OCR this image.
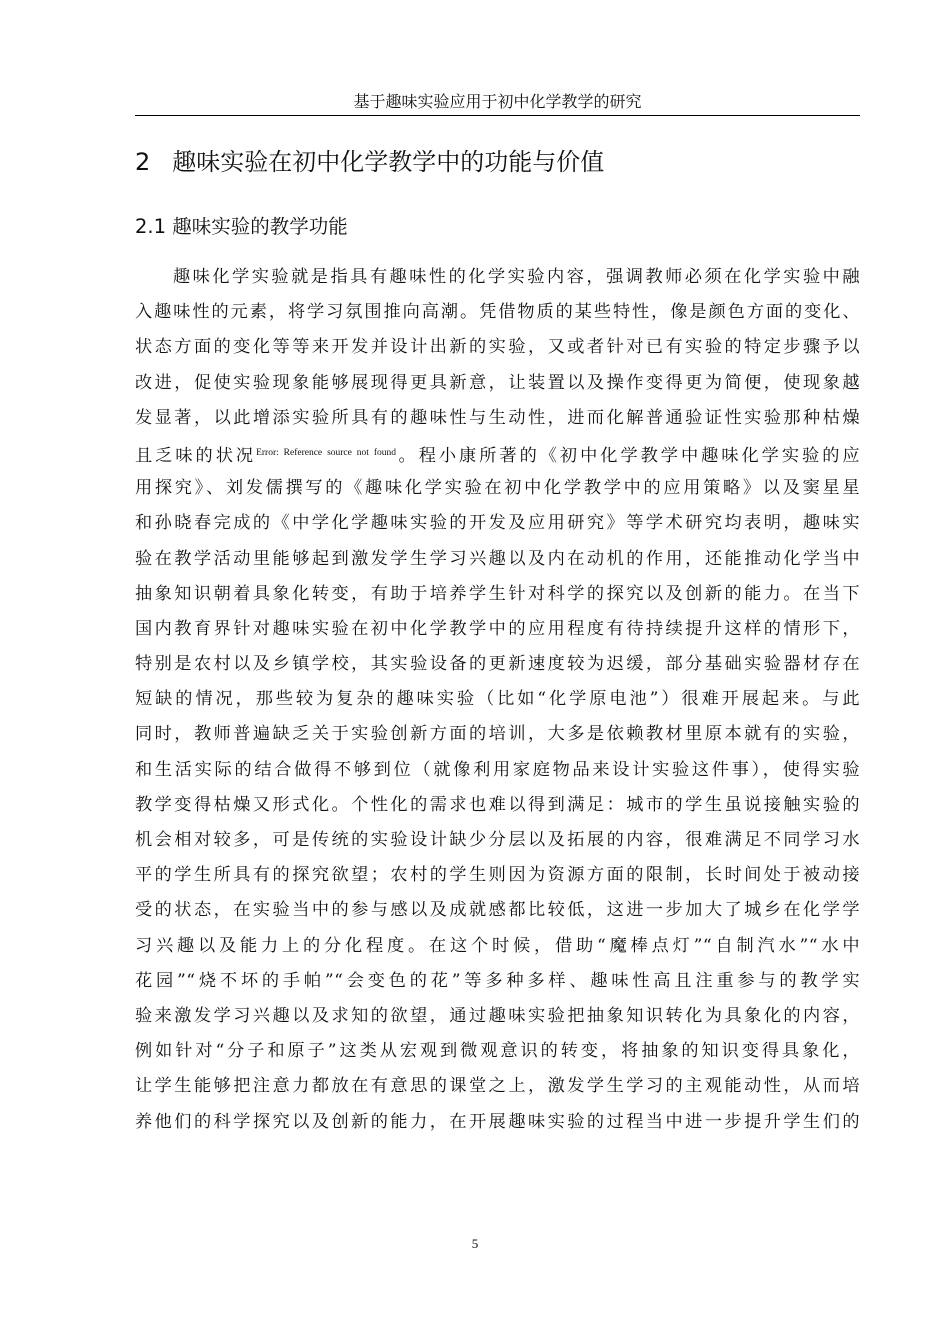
基于趣味实验应用于初中化学教学的研究
2 趣味实验在初中化学教学中的功能与价值
2.1 趣味实验的教学功能
趣味化学实验就是指具有趣味性的化学实验内容，强调教师必须在化学实验中融
入趣味性的元素，将学习氛围推向高潮。凭借物质的某些特性，像是颜色方面的变化、
状态方面的变化等等来开发并设计出新的实验，又或者针对已有实验的特定步骤予以
改进，促使实验现象能够展现得更具新意，让装置以及操作变得更为简便，使现象越
发显著，以此增添实验所具有的趣味性与生动性，进而化解普通验证性实验那种枯燥
且乏味的状况$^{Error: Reference source not found}$。程小康所著的《初中化学教学中趣味化学实验的应
用探究》、刘发儒撰写的《趣味化学实验在初中化学教学中的应用策略》以及窦星星
和孙晓春完成的《中学化学趣味实验的开发及应用研究》等学术研究均表明，趣味实
验在教学活动里能够起到激发学生学习兴趣以及内在动机的作用，还能推动化学当中
抽象知识朝着具象化转变，有助于培养学生针对科学的探究以及创新的能力。在当下
国内教育界针对趣味实验在初中化学教学中的应用程度有待持续提升这样的情形下，
特别是农村以及乡镇学校，其实验设备的更新速度较为迟缓，部分基础实验器材存在
短缺的情况，那些较为复杂的趣味实验（比如“化学原电池”）很难开展起来。与此
同时，教师普遍缺乏关于实验创新方面的培训，大多是依赖教材里原本就有的实验，
和生活实际的结合做得不够到位（就像利用家庭物品来设计实验这件事），使得实验
教学变得枯燥又形式化。个性化的需求也难以得到满足：城市的学生虽说接触实验的
机会相对较多，可是传统的实验设计缺少分层以及拓展的内容，很难满足不同学习水
平的学生所具有的探究欲望；农村的学生则因为资源方面的限制，长时间处于被动接
受的状态，在实验当中的参与感以及成就感都比较低，这进一步加大了城乡在化学学
习兴趣以及能力上的分化程度。在这个时候，借助“魔棒点灯”“自制汽水”“水中
花园”“烧不坏的手帕”“会变色的花”等多种多样、趣味性高且注重参与的教学实
验来激发学习兴趣以及求知的欲望，通过趣味实验把抽象知识转化为具象化的内容，
例如针对“分子和原子”这类从宏观到微观意识的转变，将抽象的知识变得具象化，
让学生能够把注意力都放在有意思的课堂之上，激发学生学习的主观能动性，从而培
养他们的科学探究以及创新的能力，在开展趣味实验的过程当中进一步提升学生们的
5
